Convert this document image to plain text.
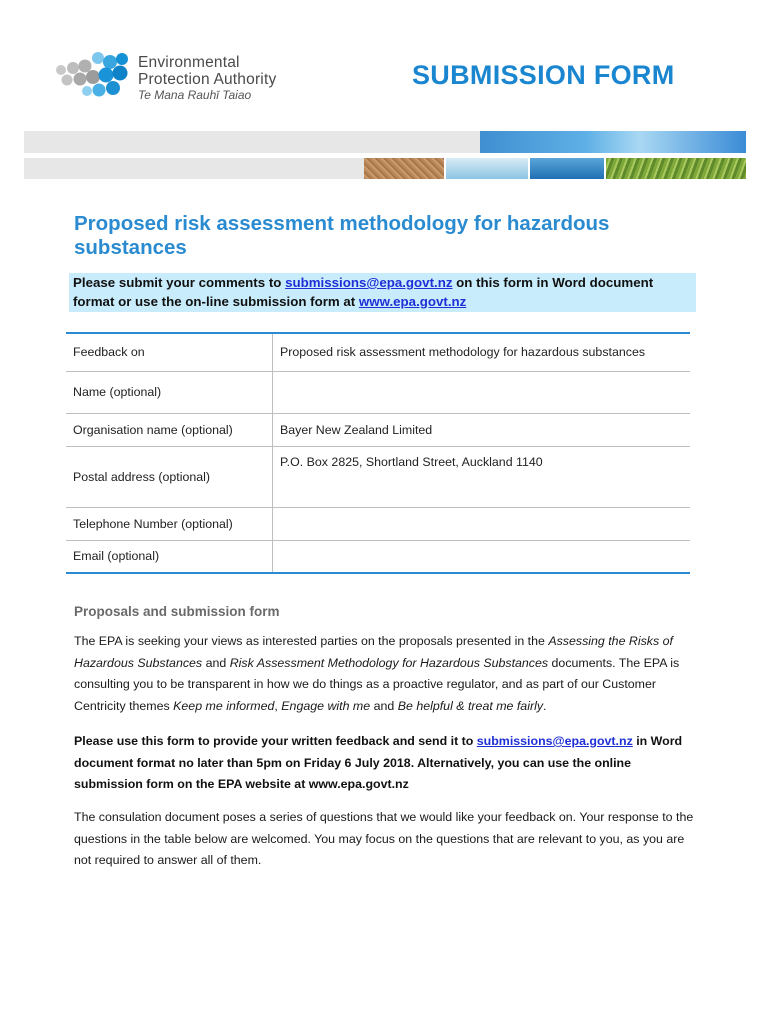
Environmental
Protection Authority
Te Mana Rauhī Taiao
SUBMISSION FORM
Proposed risk assessment methodology for hazardous substances
Please submit your comments to submissions@epa.govt.nz on this form in Word document format or use the on-line submission form at www.epa.govt.nz
Feedback on	Proposed risk assessment methodology for hazardous substances
Name (optional)	
Organisation name (optional)	Bayer New Zealand Limited
Postal address (optional)	P.O. Box 2825, Shortland Street, Auckland 1140
Telephone Number (optional)	
Email (optional)	
Proposals and submission form

The EPA is seeking your views as interested parties on the proposals presented in the Assessing the Risks of Hazardous Substances and Risk Assessment Methodology for Hazardous Substances documents. The EPA is consulting you to be transparent in how we do things as a proactive regulator, and as part of our Customer Centricity themes Keep me informed, Engage with me and Be helpful & treat me fairly.

Please use this form to provide your written feedback and send it to submissions@epa.govt.nz in Word document format no later than 5pm on Friday 6 July 2018. Alternatively, you can use the online submission form on the EPA website at www.epa.govt.nz

The consulation document poses a series of questions that we would like your feedback on. Your response to the questions in the table below are welcomed. You may focus on the questions that are relevant to you, as you are not required to answer all of them.
